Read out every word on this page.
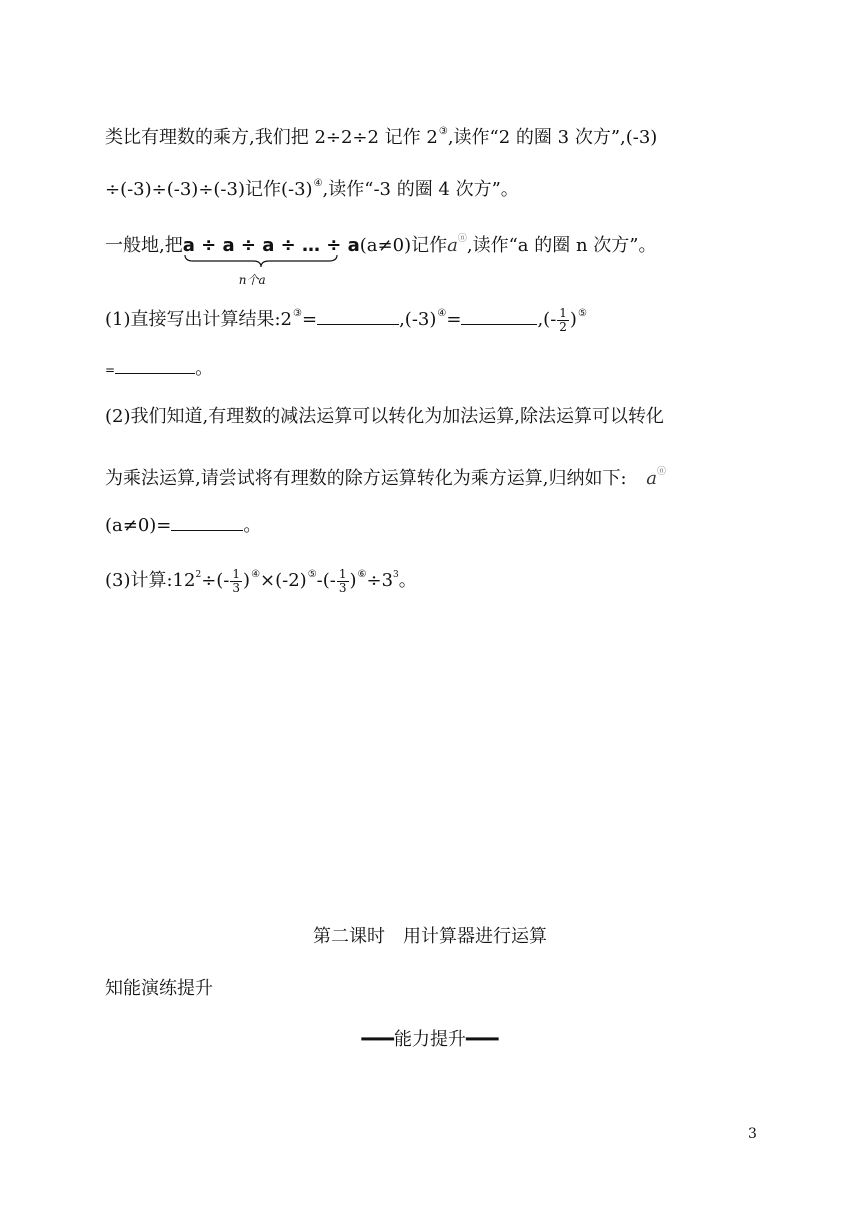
类比有理数的乘方,我们把 2÷2÷2 记作 2③,读作“2 的圈 3 次方”,(-3)
÷(-3)÷(-3)÷(-3)记作(-3)④,读作“-3 的圈 4 次方”。
一般地,把a ÷ a ÷ a ÷ … ÷ a
n个a
(a≠0)记作aⓝ,读作“a 的圈 n 次方”。
(1)直接写出计算结果:2③=	,(-3)④=	,(- $\frac{1}{2} )^⑤$
=	。
(2)我们知道,有理数的减法运算可以转化为加法运算,除法运算可以转化
为乘法运算,请尝试将有理数的除方运算转化为乘方运算,归纳如下: aⓝ
(a≠0)=	。
(3)计算$:12^2\div(- \frac{1}{3} )^④\times(-2)^⑤-(- \frac{1}{3} )^⑥\div 3^3$。
第二课时　用计算器进行运算
知能演练提升
━━━能力提升━━━
3
